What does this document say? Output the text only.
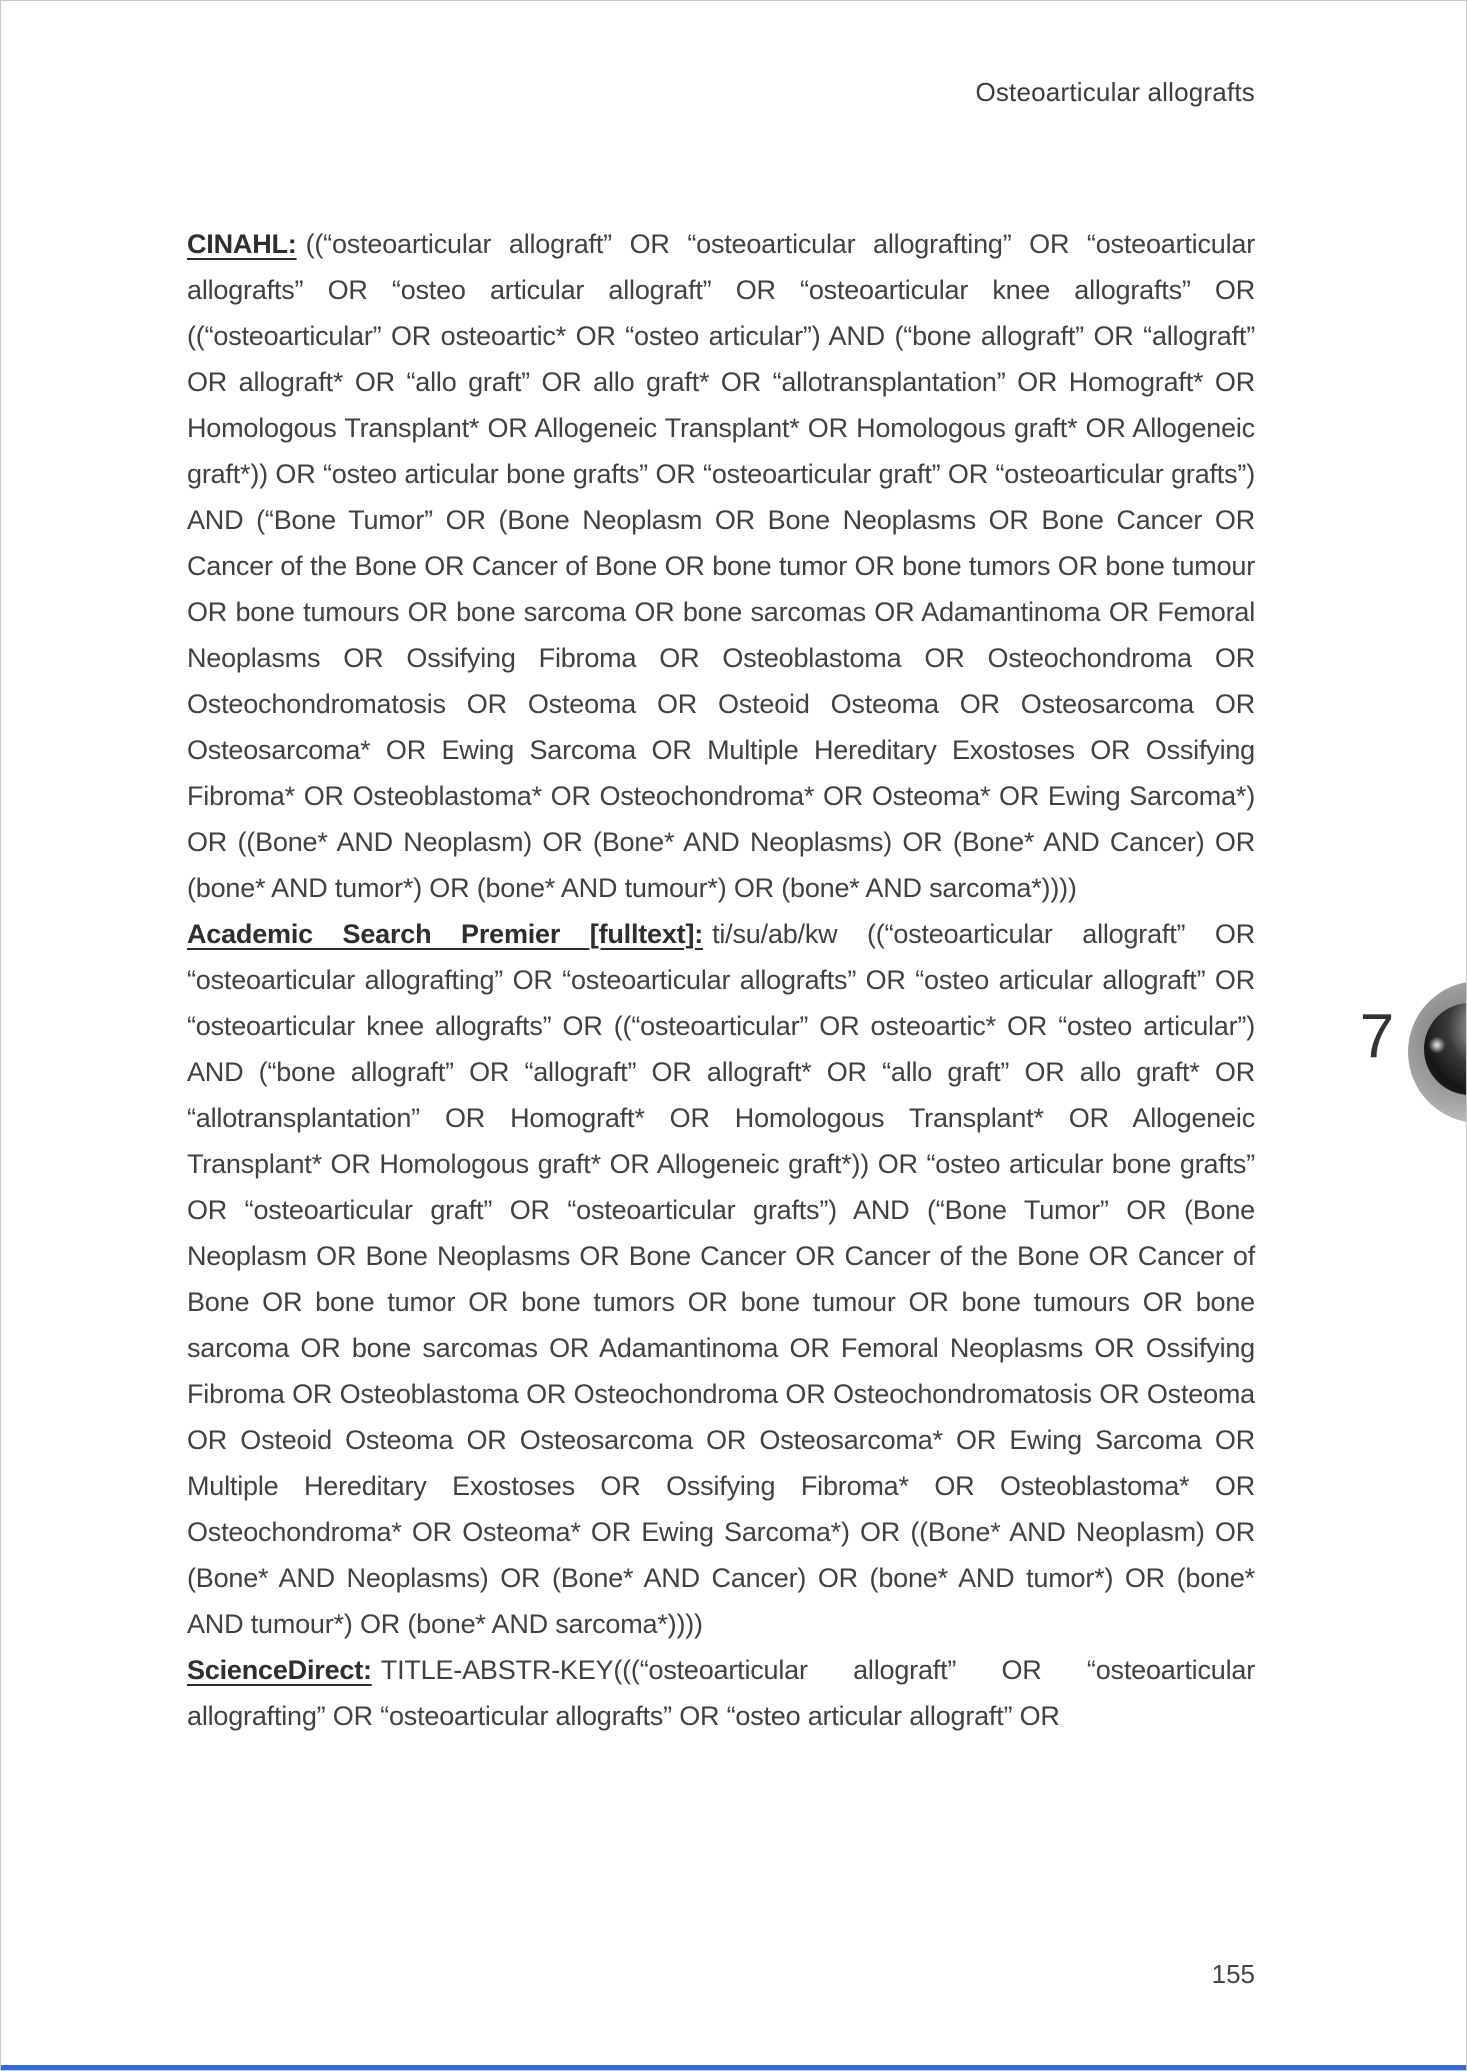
Osteoarticular allografts

CINAHL: ((“osteoarticular allograft” OR “osteoarticular allografting” OR “osteoarticular allografts” OR “osteo articular allograft” OR “osteoarticular knee allografts” OR ((“osteoarticular” OR osteoartic* OR “osteo articular”) AND (“bone allograft” OR “allograft” OR allograft* OR “allo graft” OR allo graft* OR “allotransplantation” OR Homograft* OR Homologous Transplant* OR Allogeneic Transplant* OR Homologous graft* OR Allogeneic graft*)) OR “osteo articular bone grafts” OR “osteoarticular graft” OR “osteoarticular grafts”) AND (“Bone Tumor” OR (Bone Neoplasm OR Bone Neoplasms OR Bone Cancer OR Cancer of the Bone OR Cancer of Bone OR bone tumor OR bone tumors OR bone tumour OR bone tumours OR bone sarcoma OR bone sarcomas OR Adamantinoma OR Femoral Neoplasms OR Ossifying Fibroma OR Osteoblastoma OR Osteochondroma OR Osteochondromatosis OR Osteoma OR Osteoid Osteoma OR Osteosarcoma OR Osteosarcoma* OR Ewing Sarcoma OR Multiple Hereditary Exostoses OR Ossifying Fibroma* OR Osteoblastoma* OR Osteochondroma* OR Osteoma* OR Ewing Sarcoma*) OR ((Bone* AND Neoplasm) OR (Bone* AND Neoplasms) OR (Bone* AND Cancer) OR (bone* AND tumor*) OR (bone* AND tumour*) OR (bone* AND sarcoma*))))

Academic Search Premier [fulltext]: ti/su/ab/kw ((“osteoarticular allograft” OR “osteoarticular allografting” OR “osteoarticular allografts” OR “osteo articular allograft” OR “osteoarticular knee allografts” OR ((“osteoarticular” OR osteoartic* OR “osteo articular”) AND (“bone allograft” OR “allograft” OR allograft* OR “allo graft” OR allo graft* OR “allotransplantation” OR Homograft* OR Homologous Transplant* OR Allogeneic Transplant* OR Homologous graft* OR Allogeneic graft*)) OR “osteo articular bone grafts” OR “osteoarticular graft” OR “osteoarticular grafts”) AND (“Bone Tumor” OR (Bone Neoplasm OR Bone Neoplasms OR Bone Cancer OR Cancer of the Bone OR Cancer of Bone OR bone tumor OR bone tumors OR bone tumour OR bone tumours OR bone sarcoma OR bone sarcomas OR Adamantinoma OR Femoral Neoplasms OR Ossifying Fibroma OR Osteoblastoma OR Osteochondroma OR Osteochondromatosis OR Osteoma OR Osteoid Osteoma OR Osteosarcoma OR Osteosarcoma* OR Ewing Sarcoma OR Multiple Hereditary Exostoses OR Ossifying Fibroma* OR Osteoblastoma* OR Osteochondroma* OR Osteoma* OR Ewing Sarcoma*) OR ((Bone* AND Neoplasm) OR (Bone* AND Neoplasms) OR (Bone* AND Cancer) OR (bone* AND tumor*) OR (bone* AND tumour*) OR (bone* AND sarcoma*))))

ScienceDirect: TITLE-ABSTR-KEY(((“osteoarticular allograft” OR “osteoarticular allografting” OR “osteoarticular allografts” OR “osteo articular allograft” OR

7
155
